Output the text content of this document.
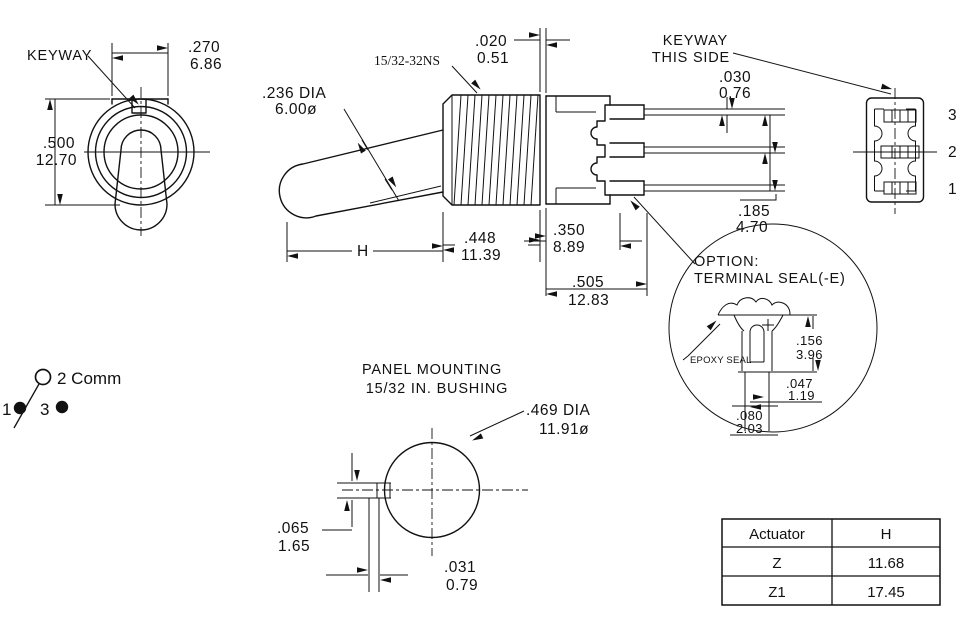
KEYWAY	.270
6.86
.500
12.70
.236 DIA
6.00ø
15/32-32NS
.020
0.51
.030
0.76
.185
4.70
H
.448
11.39
.350
8.89
.505
12.83
KEYWAY
THIS SIDE
3
2
1
1
2 Comm
3
OPTION:
TERMINAL SEAL(-E)
EPOXY SEAL
.156
3.96
.047
1.19
.080
2.03
PANEL MOUNTING
15/32 IN. BUSHING
.469 DIA
11.91ø
.065
1.65
.031
0.79
Actuator	H
Z	11.68
Z1	17.45
